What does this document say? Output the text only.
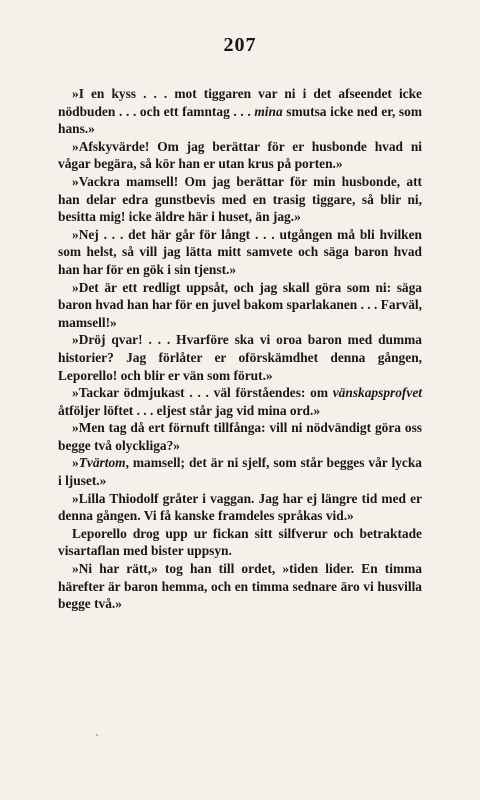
207

»I en kyss . . . mot tiggaren var ni i det afseendet icke nödbuden . . . och ett famntag . . . mina smutsa icke ned er, som hans.»

»Afskyvärde! Om jag berättar för er husbonde hvad ni vågar begära, så kör han er utan krus på porten.»

»Vackra mamsell! Om jag berättar för min husbonde, att han delar edra gunstbevis med en trasig tiggare, så blir ni, besitta mig! icke äldre här i huset, än jag.»

»Nej . . . det här går för långt . . . utgången må bli hvilken som helst, så vill jag lätta mitt samvete och säga baron hvad han har för en gök i sin tjenst.»

»Det är ett redligt uppsåt, och jag skall göra som ni: säga baron hvad han har för en juvel bakom sparlakanen . . . Farväl, mamsell!»

»Dröj qvar! . . . Hvarföre ska vi oroa baron med dumma historier? Jag förlåter er oförskämdhet denna gången, Leporello! och blir er vän som förut.»

»Tackar ödmjukast . . . väl förståendes: om vänskapsprofvet åtföljer löftet . . . eljest står jag vid mina ord.»

»Men tag då ert förnuft tillfånga: vill ni nödvändigt göra oss begge två olyckliga?»

»Tvärtom, mamsell; det är ni sjelf, som står begges vår lycka i ljuset.»

»Lilla Thiodolf gråter i vaggan. Jag har ej längre tid med er denna gången. Vi få kanske framdeles språkas vid.»

Leporello drog upp ur fickan sitt silfverur och betraktade visartaflan med bister uppsyn.

»Ni har rätt,» tog han till ordet, »tiden lider. En timma härefter är baron hemma, och en timma sednare äro vi husvilla begge två.»
